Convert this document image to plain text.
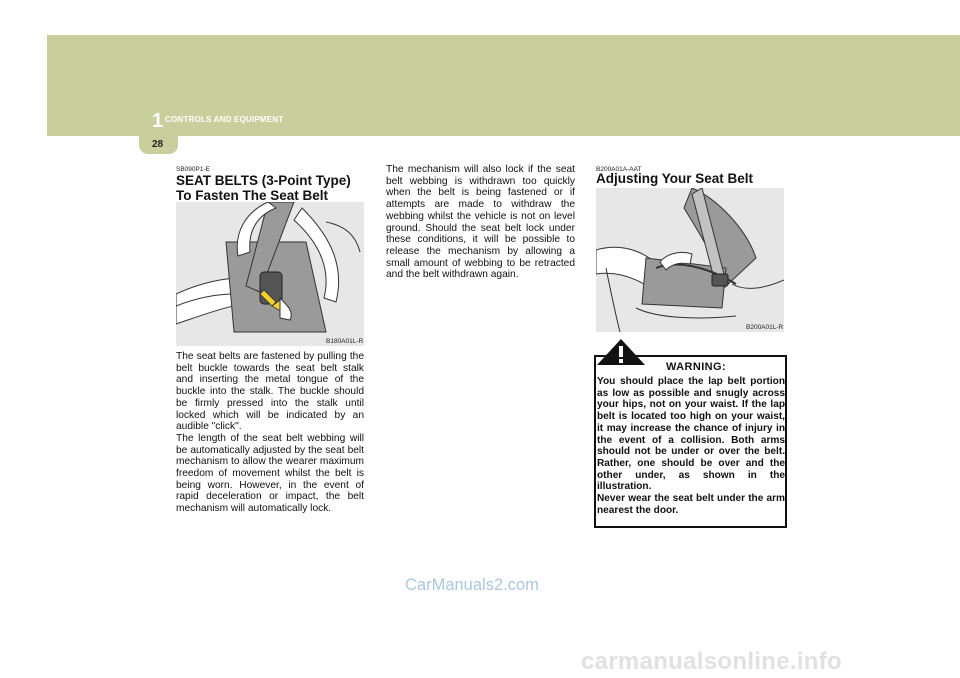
1 CONTROLS AND EQUIPMENT
28
SB090P1-E
SEAT BELTS (3-Point Type)
To Fasten The Seat Belt
B180A01L-R
The seat belts are fastened by pulling the belt buckle towards the seat belt stalk and inserting the metal tongue of the buckle into the stalk. The buckle should be firmly pressed into the stalk until locked which will be indicated by an audible "click".
The length of the seat belt webbing will be automatically adjusted by the seat belt mechanism to allow the wearer maximum freedom of movement whilst the belt is being worn. However, in the event of rapid deceleration or impact, the belt mechanism will automatically lock.
The mechanism will also lock if the seat belt webbing is withdrawn too quickly when the belt is being fastened or if attempts are made to withdraw the webbing whilst the vehicle is not on level ground. Should the seat belt lock under these conditions, it will be possible to release the mechanism by allowing a small amount of webbing to be retracted and the belt withdrawn again.
B200A01A-AAT
Adjusting Your Seat Belt
B200A01L-R
WARNING:
You should place the lap belt portion as low as possible and snugly across your hips, not on your waist. If the lap belt is located too high on your waist, it may increase the chance of injury in the event of a collision. Both arms should not be under or over the belt. Rather, one should be over and the other under, as shown in the illustration.
Never wear the seat belt under the arm nearest the door.
CarManuals2.com
carmanualsonline.info
